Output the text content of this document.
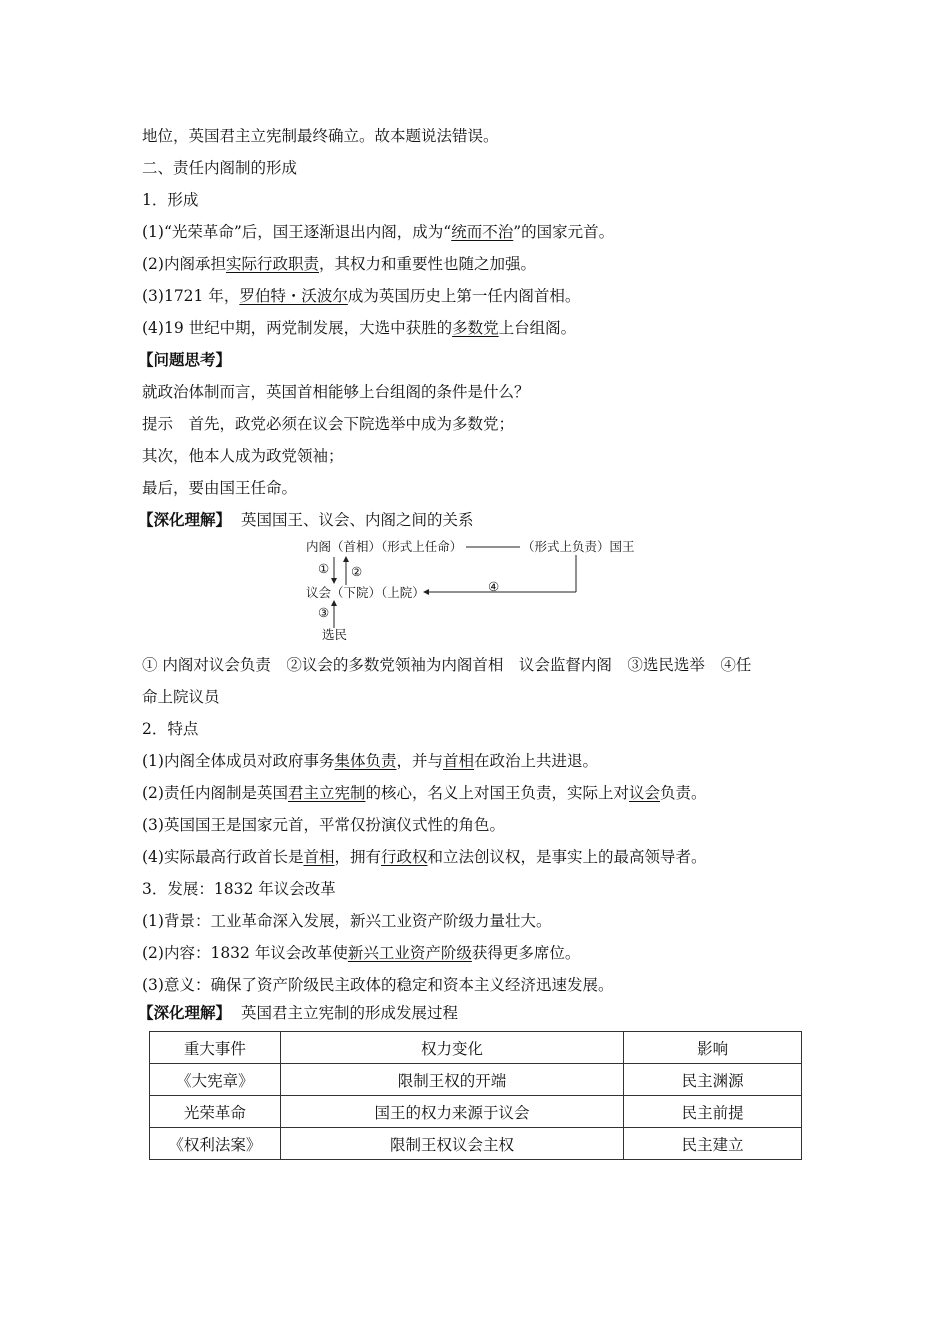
地位，英国君主立宪制最终确立。故本题说法错误。
二、责任内阁制的形成
1．形成
(1)“光荣革命”后，国王逐渐退出内阁，成为“统而不治”的国家元首。
(2)内阁承担实际行政职责，其权力和重要性也随之加强。
(3)1721 年，罗伯特・沃波尔成为英国历史上第一任内阁首相。
(4)19 世纪中期，两党制发展，大选中获胜的多数党上台组阁。
【问题思考】
就政治体制而言，英国首相能够上台组阁的条件是什么？
提示　首先，政党必须在议会下院选举中成为多数党；
其次，他本人成为政党领袖；
最后，要由国王任命。
【深化理解】 英国国王、议会、内阁之间的关系
内阁（首相）（形式上任命）	（形式上负责）国王
① ②
④
议会（下院）（上院）
③
选民
① 内阁对议会负责　②议会的多数党领袖为内阁首相　议会监督内阁　③选民选举　④任
命上院议员
2．特点
(1)内阁全体成员对政府事务集体负责，并与首相在政治上共进退。
(2)责任内阁制是英国君主立宪制的核心，名义上对国王负责，实际上对议会负责。
(3)英国国王是国家元首，平常仅扮演仪式性的角色。
(4)实际最高行政首长是首相，拥有行政权和立法创议权，是事实上的最高领导者。
3．发展：1832 年议会改革
(1)背景：工业革命深入发展，新兴工业资产阶级力量壮大。
(2)内容：1832 年议会改革使新兴工业资产阶级获得更多席位。
(3)意义：确保了资产阶级民主政体的稳定和资本主义经济迅速发展。
【深化理解】 英国君主立宪制的形成发展过程
重大事件	权力变化	影响
《大宪章》	限制王权的开端	民主渊源
光荣革命	国王的权力来源于议会	民主前提
《权利法案》	限制王权议会主权	民主建立
